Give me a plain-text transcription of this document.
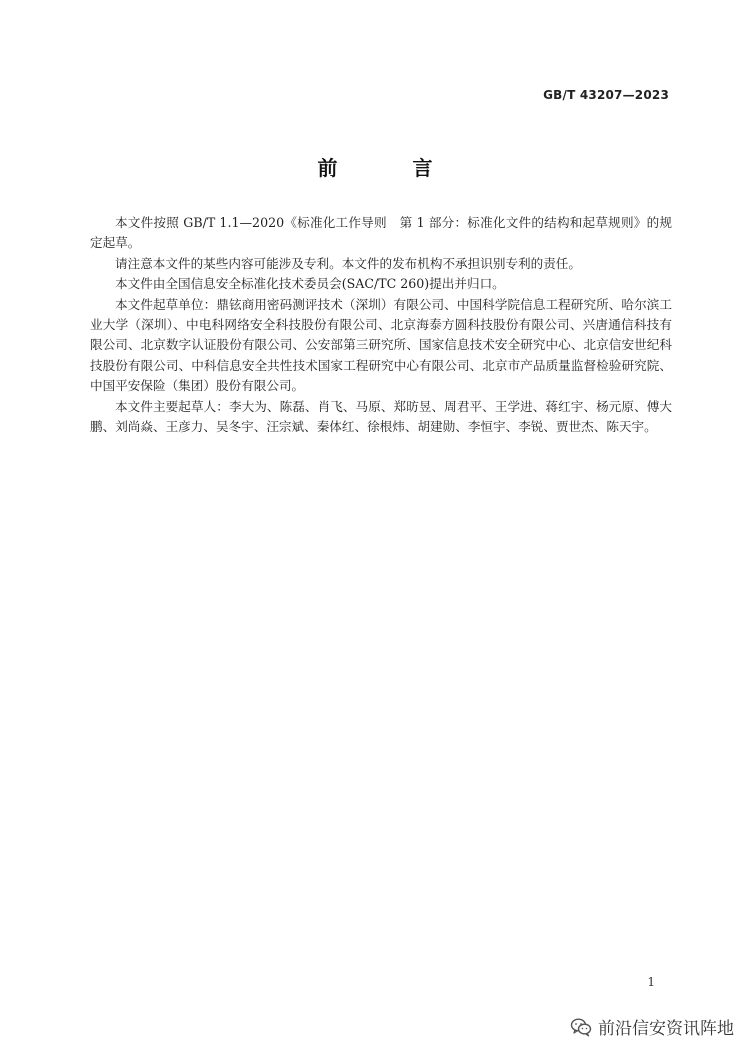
GB/T 43207—2023
前 言

本文件按照 GB/T 1.1—2020《标准化工作导则　第 1 部分：标准化文件的结构和起草规则》的规定起草。

请注意本文件的某些内容可能涉及专利。本文件的发布机构不承担识别专利的责任。

本文件由全国信息安全标准化技术委员会(SAC/TC 260)提出并归口。

本文件起草单位：鼎铉商用密码测评技术（深圳）有限公司、中国科学院信息工程研究所、哈尔滨工业大学（深圳）、中电科网络安全科技股份有限公司、北京海泰方圆科技股份有限公司、兴唐通信科技有限公司、北京数字认证股份有限公司、公安部第三研究所、国家信息技术安全研究中心、北京信安世纪科技股份有限公司、中科信息安全共性技术国家工程研究中心有限公司、北京市产品质量监督检验研究院、中国平安保险（集团）股份有限公司。

本文件主要起草人：李大为、陈磊、肖飞、马原、郑昉昱、周君平、王学进、蒋红宇、杨元原、傅大鹏、刘尚焱、王彦力、吴冬宇、汪宗斌、秦体红、徐根炜、胡建勋、李恒宇、李锐、贾世杰、陈天宇。

1
前沿信安资讯阵地
